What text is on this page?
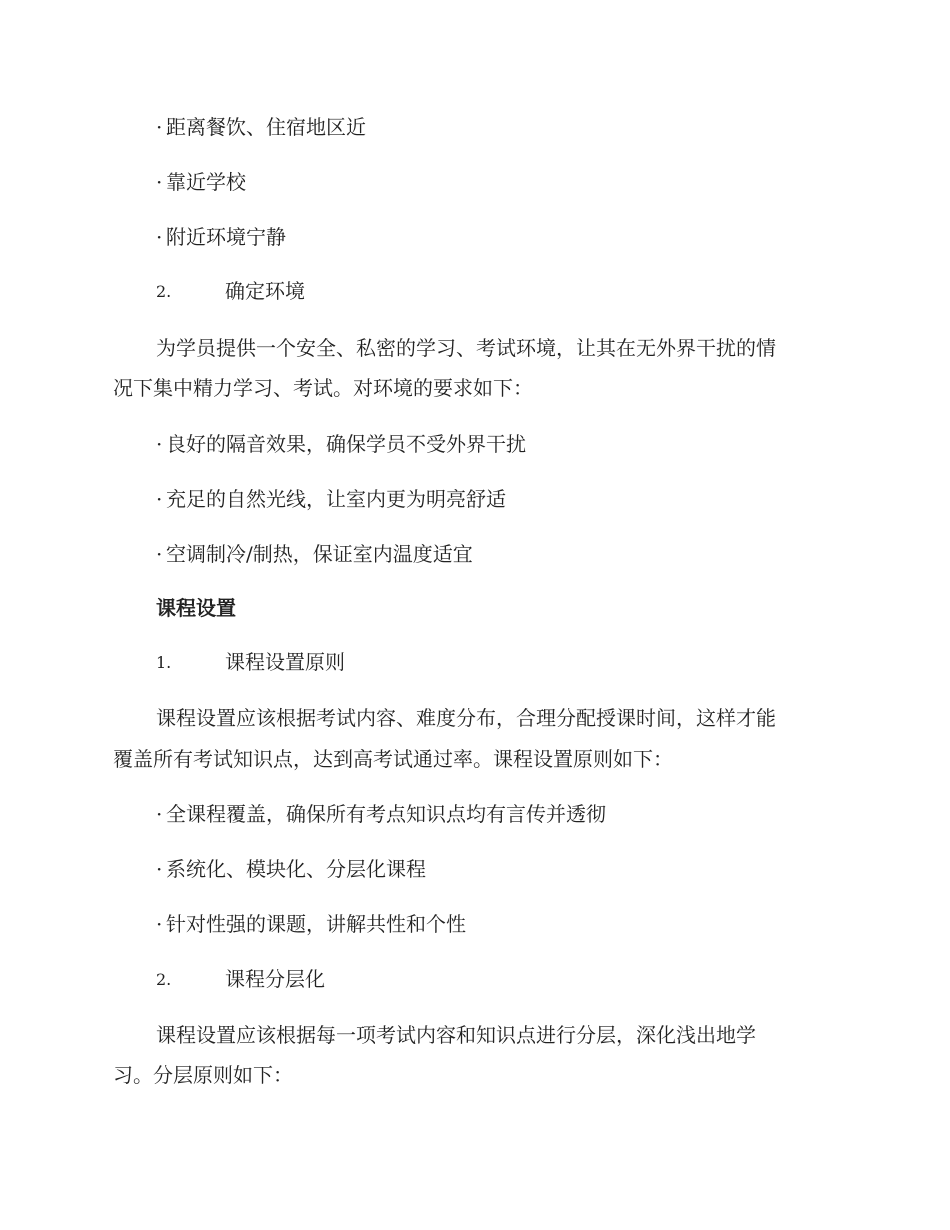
· 距离餐饮、住宿地区近
· 靠近学校
· 附近环境宁静
2.	确定环境
为学员提供一个安全、私密的学习、考试环境，让其在无外界干扰的情
况下集中精力学习、考试。对环境的要求如下：
· 良好的隔音效果，确保学员不受外界干扰
· 充足的自然光线，让室内更为明亮舒适
· 空调制冷/制热，保证室内温度适宜
课程设置
1.	课程设置原则
课程设置应该根据考试内容、难度分布，合理分配授课时间，这样才能
覆盖所有考试知识点，达到高考试通过率。课程设置原则如下：
· 全课程覆盖，确保所有考点知识点均有言传并透彻
· 系统化、模块化、分层化课程
· 针对性强的课题，讲解共性和个性
2.	课程分层化
课程设置应该根据每一项考试内容和知识点进行分层，深化浅出地学
习。分层原则如下：
